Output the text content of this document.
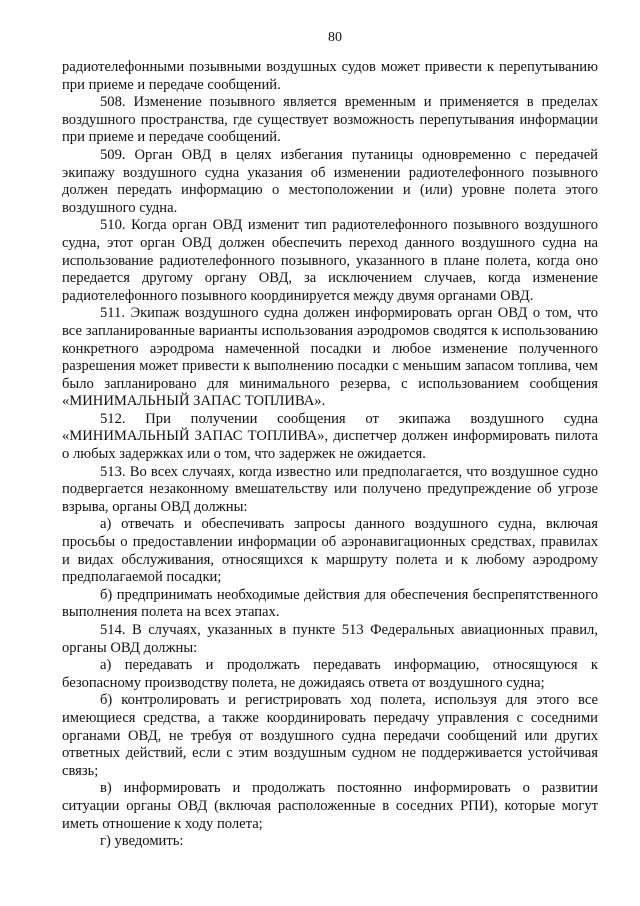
80

радиотелефонными позывными воздушных судов может привести к перепутыванию при приеме и передаче сообщений.

508. Изменение позывного является временным и применяется в пределах воздушного пространства, где существует возможность перепутывания информации при приеме и передаче сообщений.

509. Орган ОВД в целях избегания путаницы одновременно с передачей экипажу воздушного судна указания об изменении радиотелефонного позывного должен передать информацию о местоположении и (или) уровне полета этого воздушного судна.

510. Когда орган ОВД изменит тип радиотелефонного позывного воздушного судна, этот орган ОВД должен обеспечить переход данного воздушного судна на использование радиотелефонного позывного, указанного в плане полета, когда оно передается другому органу ОВД, за исключением случаев, когда изменение радиотелефонного позывного координируется между двумя органами ОВД.

511. Экипаж воздушного судна должен информировать орган ОВД о том, что все запланированные варианты использования аэродромов сводятся к использованию конкретного аэродрома намеченной посадки и любое изменение полученного разрешения может привести к выполнению посадки с меньшим запасом топлива, чем было запланировано для минимального резерва, с использованием сообщения «МИНИМАЛЬНЫЙ ЗАПАС ТОПЛИВА».

512. При получении сообщения от экипажа воздушного судна «МИНИМАЛЬНЫЙ ЗАПАС ТОПЛИВА», диспетчер должен информировать пилота о любых задержках или о том, что задержек не ожидается.

513. Во всех случаях, когда известно или предполагается, что воздушное судно подвергается незаконному вмешательству или получено предупреждение об угрозе взрыва, органы ОВД должны:

а) отвечать и обеспечивать запросы данного воздушного судна, включая просьбы о предоставлении информации об аэронавигационных средствах, правилах и видах обслуживания, относящихся к маршруту полета и к любому аэродрому предполагаемой посадки;

б) предпринимать необходимые действия для обеспечения беспрепятственного выполнения полета на всех этапах.

514. В случаях, указанных в пункте 513 Федеральных авиационных правил, органы ОВД должны:

а) передавать и продолжать передавать информацию, относящуюся к безопасному производству полета, не дожидаясь ответа от воздушного судна;

б) контролировать и регистрировать ход полета, используя для этого все имеющиеся средства, а также координировать передачу управления с соседними органами ОВД, не требуя от воздушного судна передачи сообщений или других ответных действий, если с этим воздушным судном не поддерживается устойчивая связь;

в) информировать и продолжать постоянно информировать о развитии ситуации органы ОВД (включая расположенные в соседних РПИ), которые могут иметь отношение к ходу полета;

г) уведомить:
